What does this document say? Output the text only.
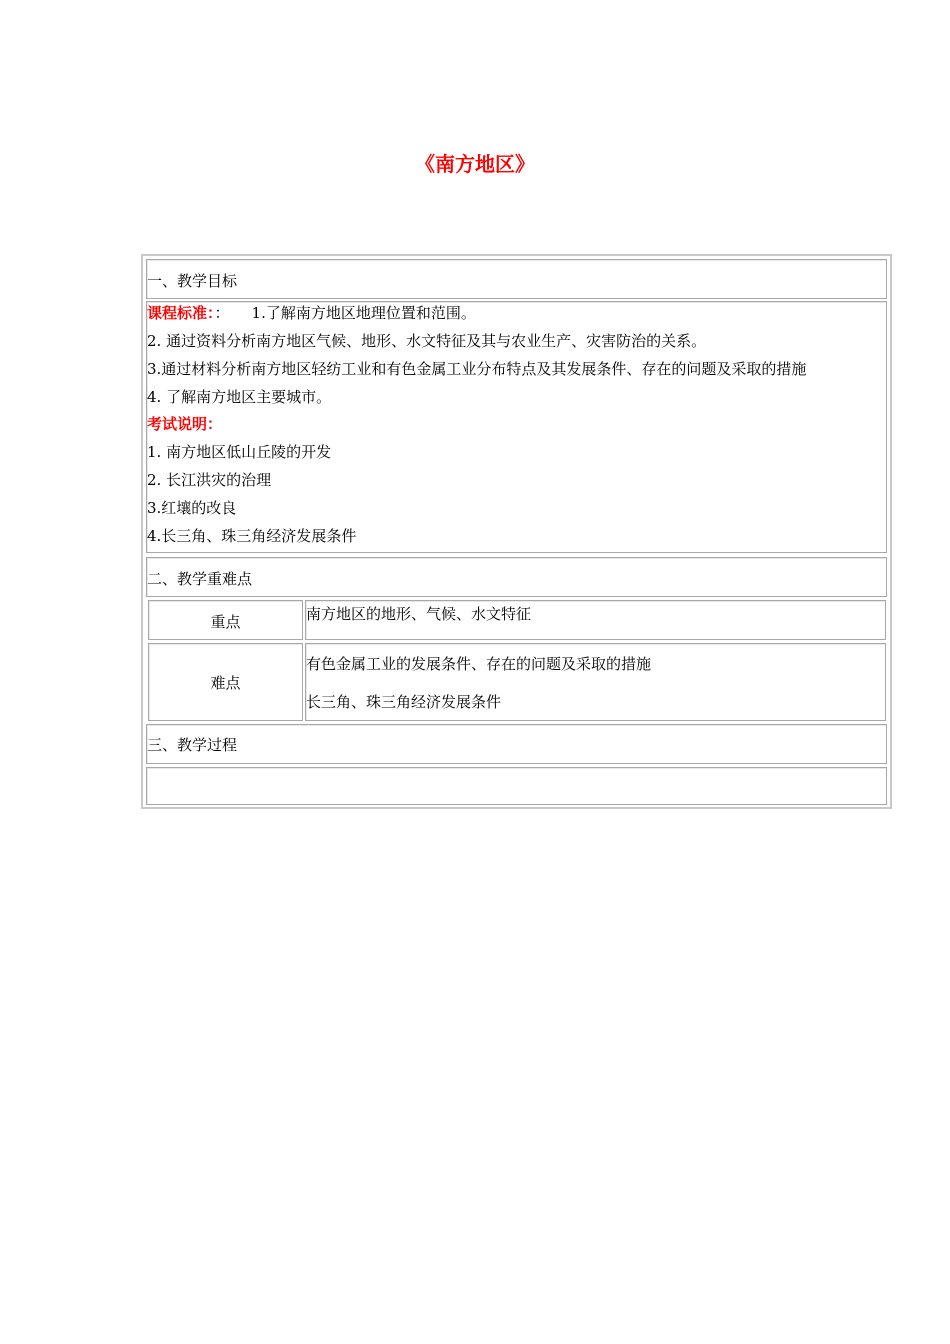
《南方地区》
一、教学目标
课程标准：： 1.了解南方地区地理位置和范围。
2. 通过资料分析南方地区气候、地形、水文特征及其与农业生产、灾害防治的关系。
3.通过材料分析南方地区轻纺工业和有色金属工业分布特点及其发展条件、存在的问题及采取的措施
4. 了解南方地区主要城市。
考试说明：
1. 南方地区低山丘陵的开发
2. 长江洪灾的治理
3.红壤的改良
4.长三角、珠三角经济发展条件
二、教学重难点
重点	南方地区的地形、气候、水文特征
难点
有色金属工业的发展条件、存在的问题及采取的措施
长三角、珠三角经济发展条件
三、教学过程
